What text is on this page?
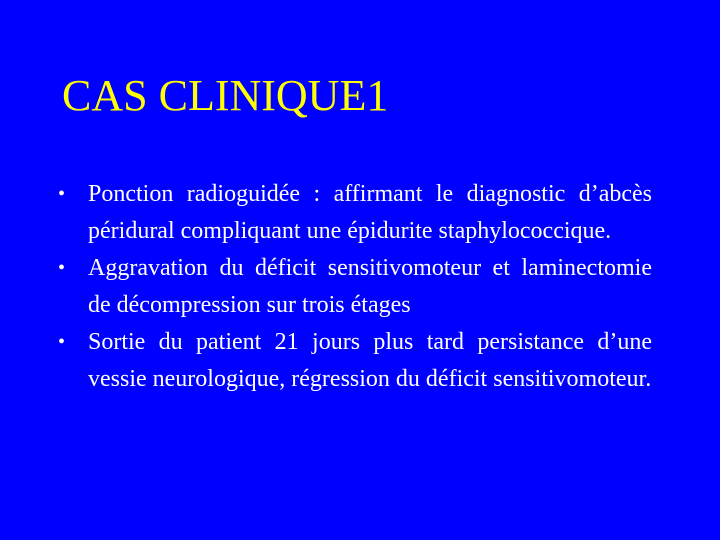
CAS CLINIQUE1
• Ponction radioguidée : affirmant le diagnostic d’abcès péridural compliquant une épidurite staphylococcique.
• Aggravation du déficit sensitivomoteur et laminectomie de décompression sur trois étages
• Sortie du patient 21 jours plus tard persistance d’une vessie neurologique, régression du déficit sensitivomoteur.
